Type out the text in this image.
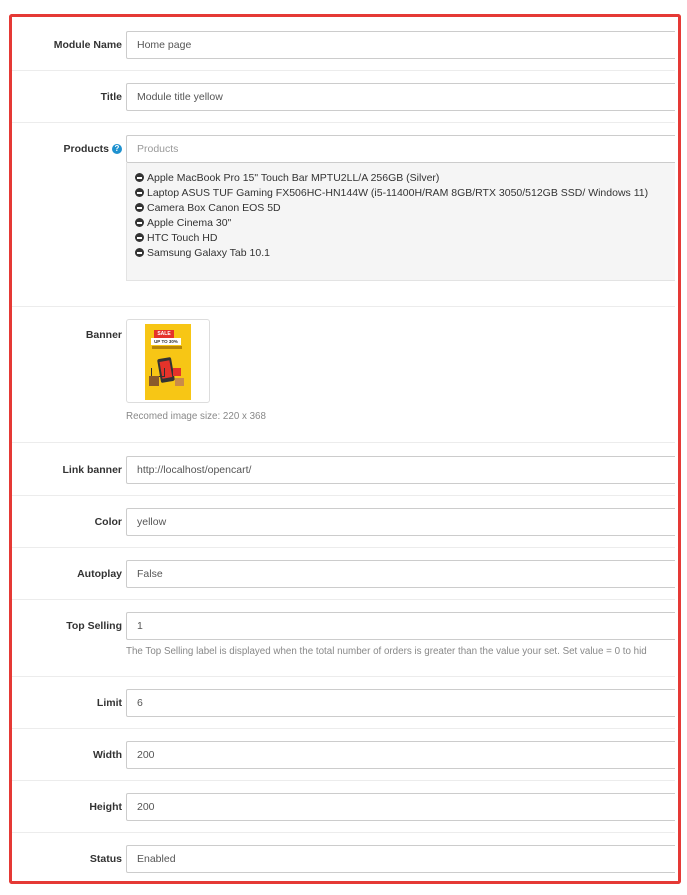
Module Name	Home page
Title	Module title yellow
Products ?	Products
Apple MacBook Pro 15" Touch Bar MPTU2LL/A 256GB (Silver)
Laptop ASUS TUF Gaming FX506HC-HN144W (i5-11400H/RAM 8GB/RTX 3050/512GB SSD/ Windows 11)
Camera Box Canon EOS 5D
Apple Cinema 30"
HTC Touch HD
Samsung Galaxy Tab 10.1
Banner	SALE
UP TO 30%
Recomed image size: 220 x 368
Link banner	http://localhost/opencart/
Color	yellow
Autoplay	False
Top Selling	1
The Top Selling label is displayed when the total number of orders is greater than the value your set. Set value = 0 to hid
Limit	6
Width	200
Height	200
Status	Enabled
